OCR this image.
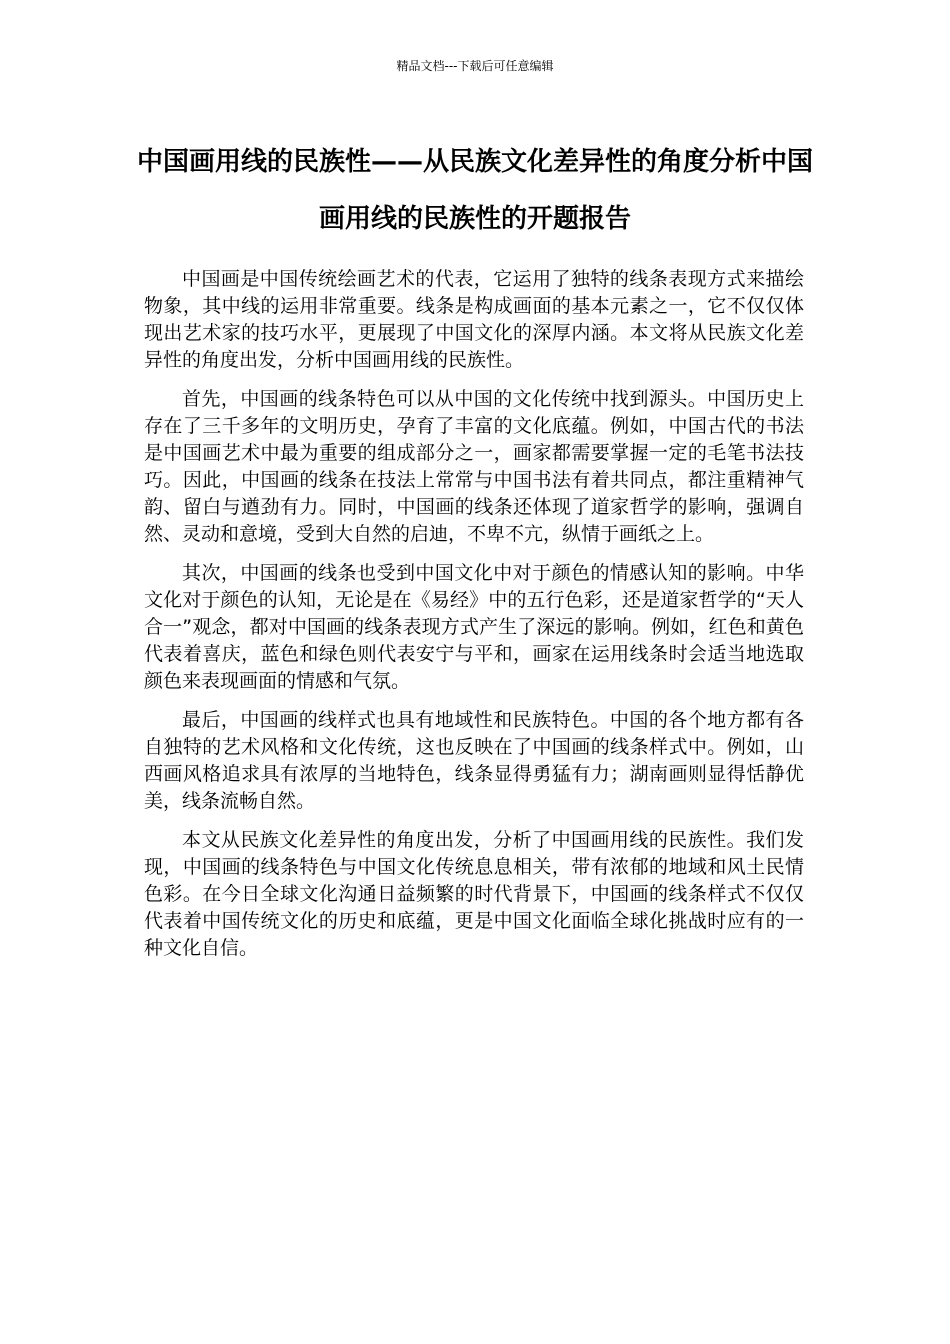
精品文档---下载后可任意编辑
中国画用线的民族性——从民族文化差异性的角度分析中国画用线的民族性的开题报告

中国画是中国传统绘画艺术的代表，它运用了独特的线条表现方式来描绘物象，其中线的运用非常重要。线条是构成画面的基本元素之一，它不仅仅体现出艺术家的技巧水平，更展现了中国文化的深厚内涵。本文将从民族文化差异性的角度出发，分析中国画用线的民族性。

首先，中国画的线条特色可以从中国的文化传统中找到源头。中国历史上存在了三千多年的文明历史，孕育了丰富的文化底蕴。例如，中国古代的书法是中国画艺术中最为重要的组成部分之一，画家都需要掌握一定的毛笔书法技巧。因此，中国画的线条在技法上常常与中国书法有着共同点，都注重精神气韵、留白与遒劲有力。同时，中国画的线条还体现了道家哲学的影响，强调自然、灵动和意境，受到大自然的启迪，不卑不亢，纵情于画纸之上。

其次，中国画的线条也受到中国文化中对于颜色的情感认知的影响。中华文化对于颜色的认知，无论是在《易经》中的五行色彩，还是道家哲学的“天人合一”观念，都对中国画的线条表现方式产生了深远的影响。例如，红色和黄色代表着喜庆，蓝色和绿色则代表安宁与平和，画家在运用线条时会适当地选取颜色来表现画面的情感和气氛。

最后，中国画的线样式也具有地域性和民族特色。中国的各个地方都有各自独特的艺术风格和文化传统，这也反映在了中国画的线条样式中。例如，山西画风格追求具有浓厚的当地特色，线条显得勇猛有力；湖南画则显得恬静优美，线条流畅自然。

本文从民族文化差异性的角度出发，分析了中国画用线的民族性。我们发现，中国画的线条特色与中国文化传统息息相关，带有浓郁的地域和风土民情色彩。在今日全球文化沟通日益频繁的时代背景下，中国画的线条样式不仅仅代表着中国传统文化的历史和底蕴，更是中国文化面临全球化挑战时应有的一种文化自信。
